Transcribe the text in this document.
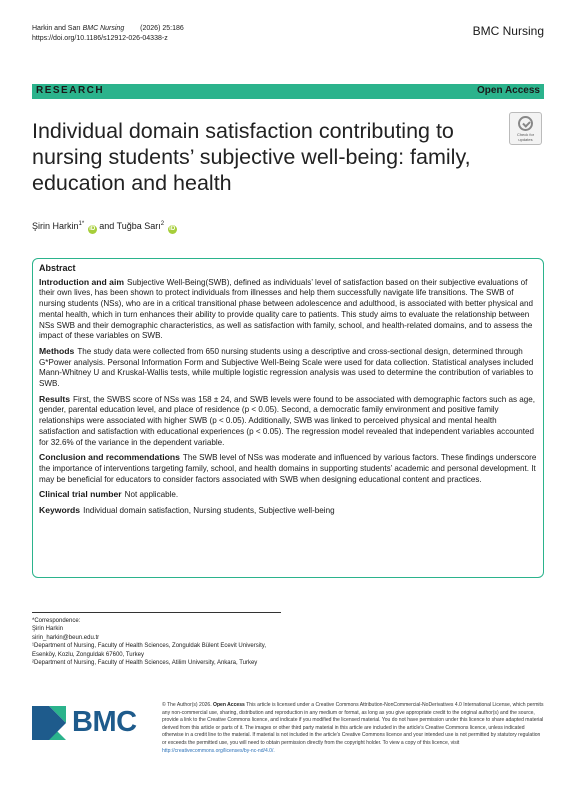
Harkin and Sarı BMC Nursing (2026) 25:186
https://doi.org/10.1186/s12912-026-04338-z
BMC Nursing
RESEARCH	Open Access
Individual domain satisfaction contributing to nursing students’ subjective well-being: family, education and health
Check for updates
Şirin Harkin$^{1*}$ iD and Tuğba Sarı$^2$ iD
Abstract

Introduction and aim Subjective Well-Being(SWB), defined as individuals’ level of satisfaction based on their subjective evaluations of their own lives, has been shown to protect individuals from illnesses and help them successfully navigate life transitions. The SWB of nursing students (NSs), who are in a critical transitional phase between adolescence and adulthood, is associated with better physical and mental health, which in turn enhances their ability to provide quality care to patients. This study aims to evaluate the relationship between NSs SWB and their demographic characteristics, as well as satisfaction with family, school, and health-related domains, and to assess the impact of these variables on SWB.

Methods The study data were collected from 650 nursing students using a descriptive and cross-sectional design, determined through G*Power analysis. Personal Information Form and Subjective Well-Being Scale were used for data collection. Statistical analyses included Mann-Whitney U and Kruskal-Wallis tests, while multiple logistic regression analysis was used to determine the contribution of variables to SWB.

Results First, the SWBS score of NSs was 158 ± 24, and SWB levels were found to be associated with demographic factors such as age, gender, parental education level, and place of residence (p < 0.05). Second, a democratic family environment and positive family relationships were associated with higher SWB (p < 0.05). Additionally, SWB was linked to perceived physical and mental health satisfaction and satisfaction with educational experiences (p < 0.05). The regression model revealed that independent variables accounted for 32.6% of the variance in the dependent variable.

Conclusion and recommendations The SWB level of NSs was moderate and influenced by various factors. These findings underscore the importance of interventions targeting family, school, and health domains in supporting students’ academic and personal development. It may be beneficial for educators to consider factors associated with SWB when designing educational content and practices.

Clinical trial number Not applicable.

Keywords Individual domain satisfaction, Nursing students, Subjective well-being

*Correspondence:
Şirin Harkin
sirin_harkin@beun.edu.tr
¹Department of Nursing, Faculty of Health Sciences, Zonguldak Bülent Ecevit University, Esenköy, Kozlu, Zonguldak 67600, Turkey
²Department of Nursing, Faculty of Health Sciences, Atilim University, Ankara, Turkey
BMC
© The Author(s) 2026. Open Access This article is licensed under a Creative Commons Attribution-NonCommercial-NoDerivatives 4.0 International License, which permits any non-commercial use, sharing, distribution and reproduction in any medium or format, as long as you give appropriate credit to the original author(s) and the source, provide a link to the Creative Commons licence, and indicate if you modified the licensed material. You do not have permission under this licence to share adapted material derived from this article or parts of it. The images or other third party material in this article are included in the article’s Creative Commons licence, unless indicated otherwise in a credit line to the material. If material is not included in the article’s Creative Commons licence and your intended use is not permitted by statutory regulation or exceeds the permitted use, you will need to obtain permission directly from the copyright holder. To view a copy of this licence, visit http://creativecommons.org/licenses/by-nc-nd/4.0/.
